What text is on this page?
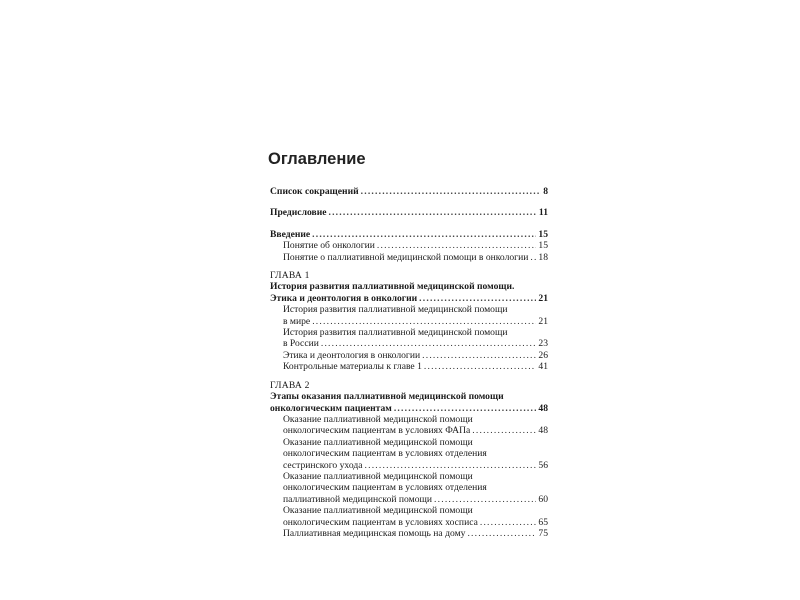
Оглавление
Список сокращений . . .	8
Предисловие . . .	11
Введение . . .	15
Понятие об онкологии . . .	15
Понятие о паллиативной медицинской помощи в онкологии . . . 18
ГЛАВА 1
История развития паллиативной медицинской помощи.
Этика и деонтология в онкологии . . .	21
История развития паллиативной медицинской помощи
в мире . . .	21
История развития паллиативной медицинской помощи
в России . . .	23
Этика и деонтология в онкологии . . .	26
Контрольные материалы к главе 1 . . .	41
ГЛАВА 2
Этапы оказания паллиативной медицинской помощи
онкологическим пациентам . . .	48
Оказание паллиативной медицинской помощи
онкологическим пациентам в условиях ФАПа . . .	48
Оказание паллиативной медицинской помощи
онкологическим пациентам в условиях отделения
сестринского ухода . . .	56
Оказание паллиативной медицинской помощи
онкологическим пациентам в условиях отделения
паллиативной медицинской помощи . . .	60
Оказание паллиативной медицинской помощи
онкологическим пациентам в условиях хосписа . . .	65
Паллиативная медицинская помощь на дому . . .	75
